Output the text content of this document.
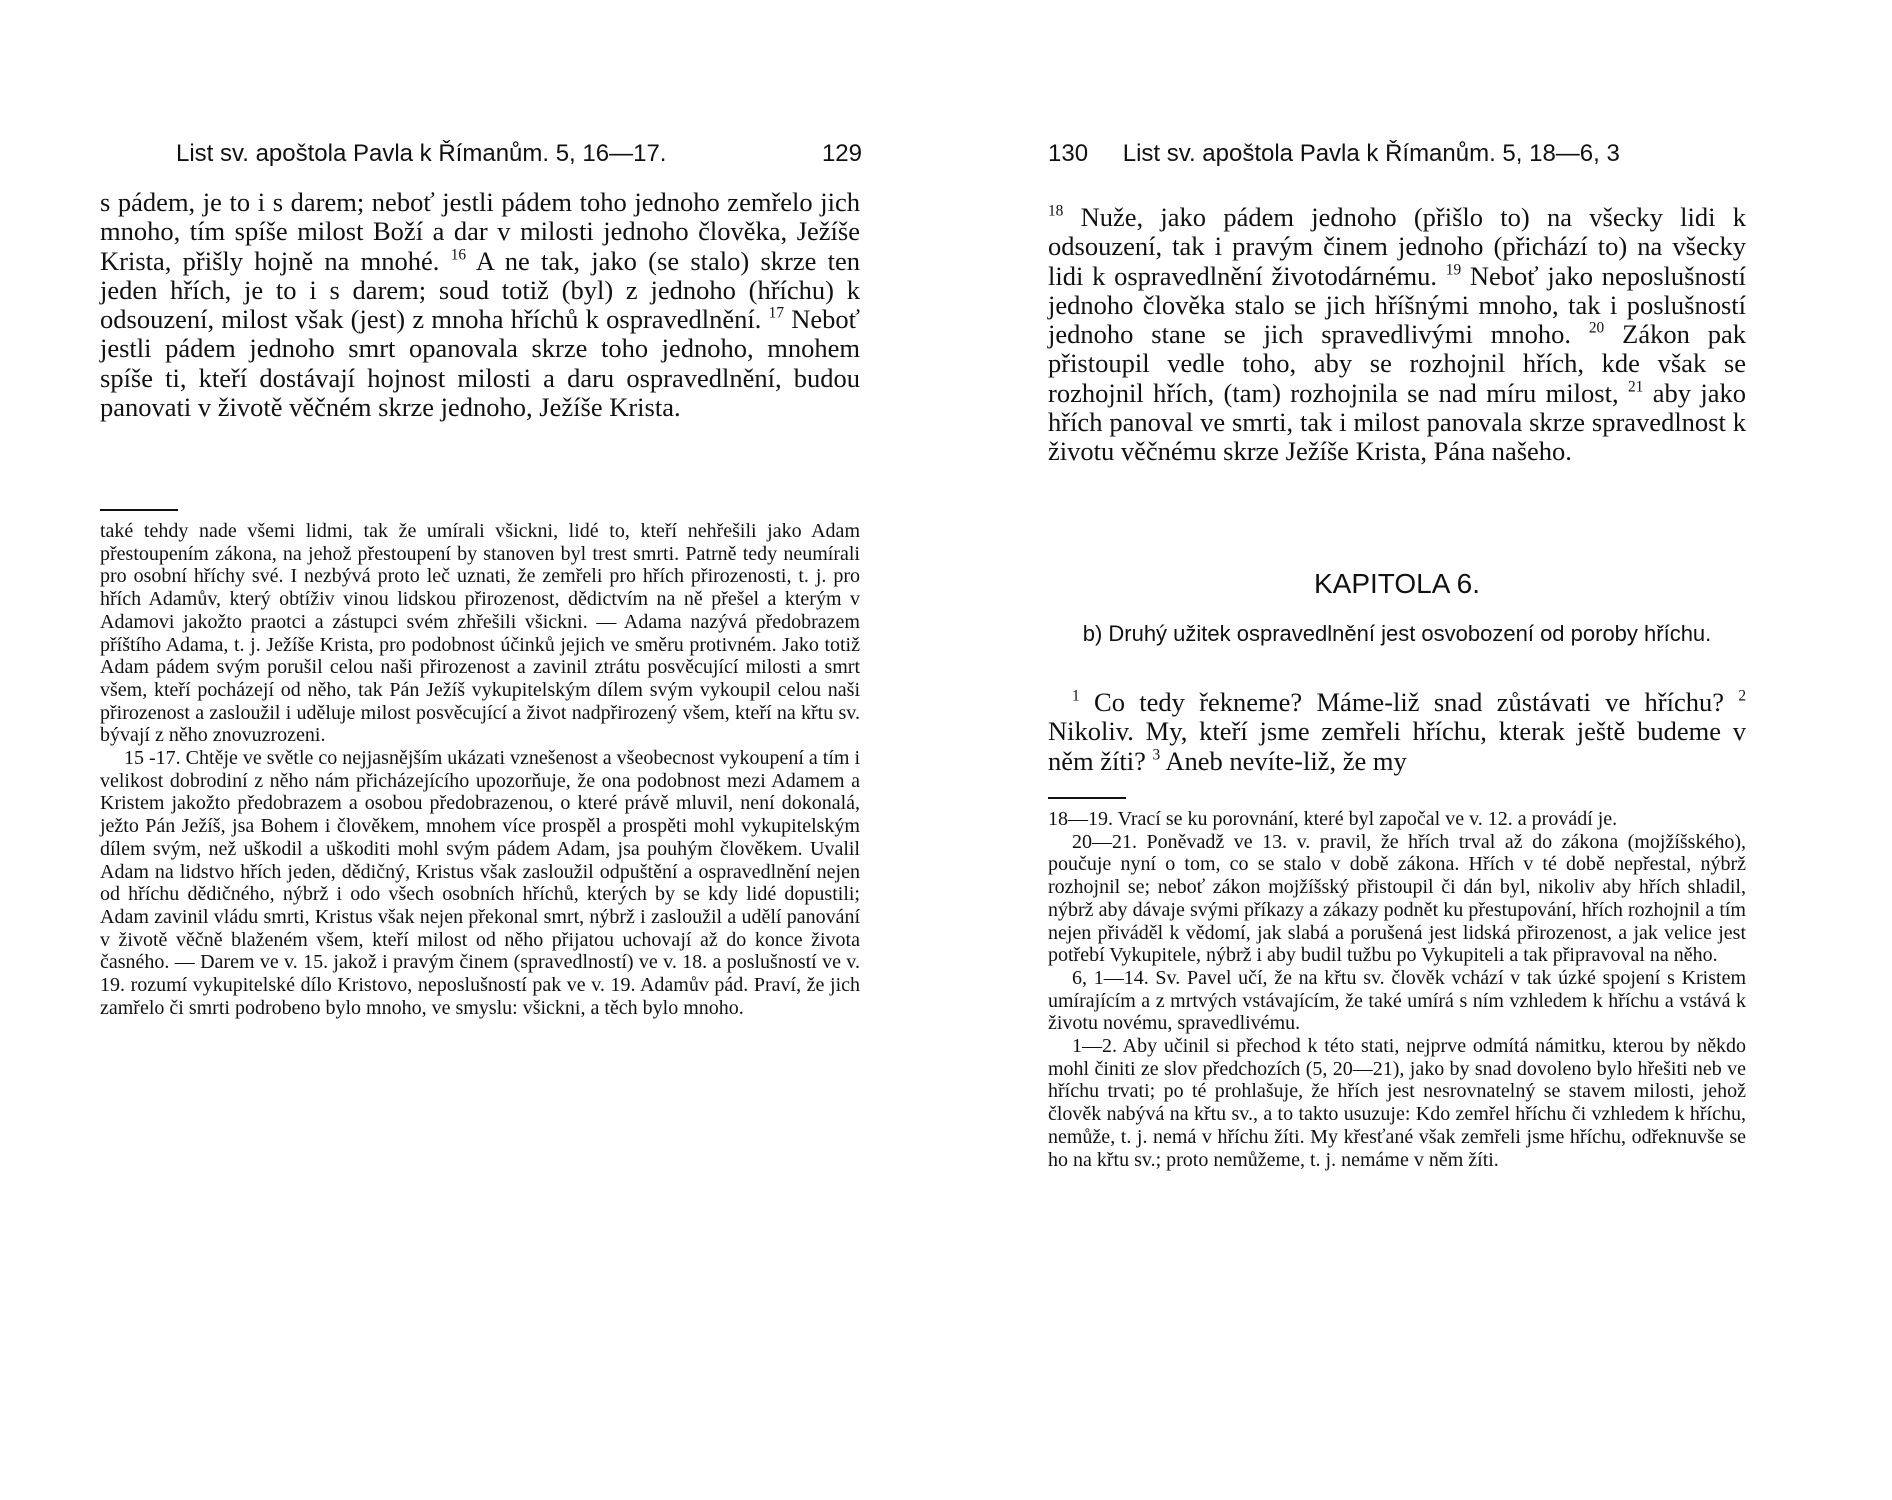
List sv. apoštola Pavla k Římanům. 5, 16—17.	129

s pádem, je to i s darem; neboť jestli pádem toho jednoho zemřelo jich mnoho, tím spíše milost Boží a dar v milosti jednoho člověka, Ježíše Krista, přišly hojně na mnohé. $^{16}$ A ne tak, jako (se stalo) skrze ten jeden hřích, je to i s darem; soud totiž (byl) z jednoho (hříchu) k odsouzení, milost však (jest) z mnoha hříchů k ospravedlnění. $^{17}$ Neboť jestli pádem jednoho smrt opanovala skrze toho jednoho, mnohem spíše ti, kteří dostávají hojnost milosti a daru ospravedlnění, budou panovati v životě věčném skrze jednoho, Ježíše Krista.

také tehdy nade všemi lidmi, tak že umírali všickni, lidé to, kteří nehřešili jako Adam přestoupením zákona, na jehož přestoupení by stanoven byl trest smrti. Patrně tedy neumírali pro osobní hříchy své. I nezbývá proto leč uznati, že zemřeli pro hřích přirozenosti, t. j. pro hřích Adamův, který obtíživ vinou lidskou přirozenost, dědictvím na ně přešel a kterým v Adamovi jakožto praotci a zástupci svém zhřešili všickni. — Adama nazývá předobrazem příštího Adama, t. j. Ježíše Krista, pro podobnost účinků jejich ve směru protivném. Jako totiž Adam pádem svým porušil celou naši přirozenost a zavinil ztrátu posvěcující milosti a smrt všem, kteří pocházejí od něho, tak Pán Ježíš vykupitelským dílem svým vykoupil celou naši přirozenost a zasloužil i uděluje milost posvěcující a život nadpřirozený všem, kteří na křtu sv. bývají z něho znovuzrozeni.

15 -17. Chtěje ve světle co nejjasnějším ukázati vznešenost a všeobecnost vykoupení a tím i velikost dobrodiní z něho nám přicházejícího upozorňuje, že ona podobnost mezi Adamem a Kristem jakožto předobrazem a osobou předobrazenou, o které právě mluvil, není dokonalá, ježto Pán Ježíš, jsa Bohem i člověkem, mnohem více prospěl a prospěti mohl vykupitelským dílem svým, než uškodil a uškoditi mohl svým pádem Adam, jsa pouhým člověkem. Uvalil Adam na lidstvo hřích jeden, dědičný, Kristus však zasloužil odpuštění a ospravedlnění nejen od hříchu dědičného, nýbrž i odo všech osobních hříchů, kterých by se kdy lidé dopustili; Adam zavinil vládu smrti, Kristus však nejen překonal smrt, nýbrž i zasloužil a udělí panování v životě věčně blaženém všem, kteří milost od něho přijatou uchovají až do konce života časného. — Darem ve v. 15. jakož i pravým činem (spravedlností) ve v. 18. a poslušností ve v. 19. rozumí vykupitelské dílo Kristovo, neposlušností pak ve v. 19. Adamův pád. Praví, že jich zamřelo či smrti podrobeno bylo mnoho, ve smyslu: všickni, a těch bylo mnoho.

130 List sv. apoštola Pavla k Římanům. 5, 18—6, 3

$^{18}$ Nuže, jako pádem jednoho (přišlo to) na všecky lidi k odsouzení, tak i pravým činem jednoho (přichází to) na všecky lidi k ospravedlnění životodárnému. $^{19}$ Neboť jako neposlušností jednoho člověka stalo se jich hříšnými mnoho, tak i poslušností jednoho stane se jich spravedlivými mnoho. $^{20}$ Zákon pak přistoupil vedle toho, aby se rozhojnil hřích, kde však se rozhojnil hřích, (tam) rozhojnila se nad míru milost, $^{21}$ aby jako hřích panoval ve smrti, tak i milost panovala skrze spravedlnost k životu věčnému skrze Ježíše Krista, Pána našeho.

KAPITOLA 6.
b) Druhý užitek ospravedlnění jest osvobození od poroby hříchu.

$^1$ Co tedy řekneme? Máme-liž snad zůstávati ve hříchu? $^2$ Nikoliv. My, kteří jsme zemřeli hříchu, kterak ještě budeme v něm žíti? $^3$ Aneb nevíte-liž, že my

18—19. Vrací se ku porovnání, které byl započal ve v. 12. a provádí je.

20—21. Poněvadž ve 13. v. pravil, že hřích trval až do zákona (mojžíšského), poučuje nyní o tom, co se stalo v době zákona. Hřích v té době nepřestal, nýbrž rozhojnil se; neboť zákon mojžíšský přistoupil či dán byl, nikoliv aby hřích shladil, nýbrž aby dávaje svými příkazy a zákazy podnět ku přestupování, hřích rozhojnil a tím nejen přiváděl k vědomí, jak slabá a porušená jest lidská přirozenost, a jak velice jest potřebí Vykupitele, nýbrž i aby budil tužbu po Vykupiteli a tak připravoval na něho.

6, 1—14. Sv. Pavel učí, že na křtu sv. člověk vchází v tak úzké spojení s Kristem umírajícím a z mrtvých vstávajícím, že také umírá s ním vzhledem k hříchu a vstává k životu novému, spravedlivému.

1—2. Aby učinil si přechod k této stati, nejprve odmítá námitku, kterou by někdo mohl činiti ze slov předchozích (5, 20—21), jako by snad dovoleno bylo hřešiti neb ve hříchu trvati; po té prohlašuje, že hřích jest nesrovnatelný se stavem milosti, jehož člověk nabývá na křtu sv., a to takto usuzuje: Kdo zemřel hříchu či vzhledem k hříchu, nemůže, t. j. nemá v hříchu žíti. My křesťané však zemřeli jsme hříchu, odřeknuvše se ho na křtu sv.; proto nemůžeme, t. j. nemáme v něm žíti.
